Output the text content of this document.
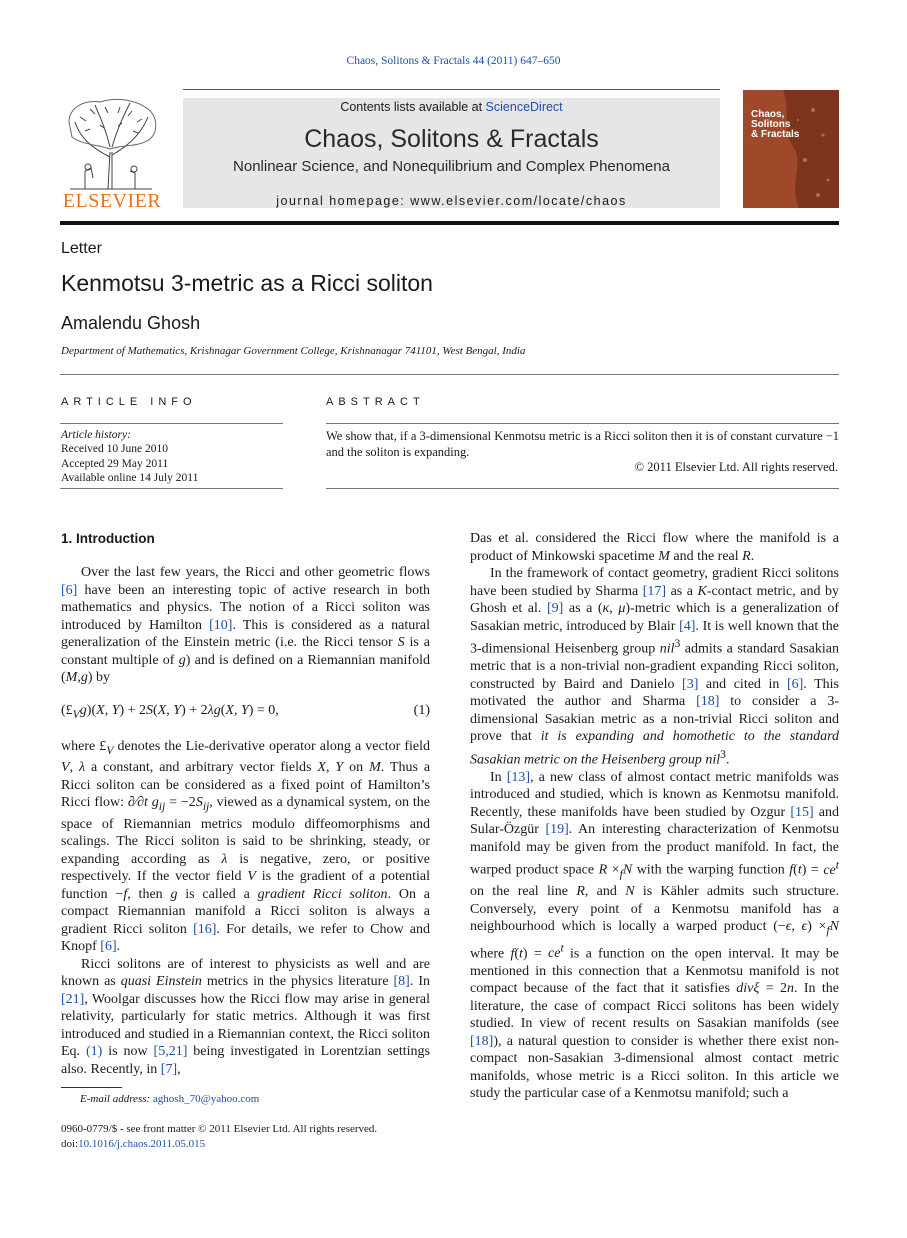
Chaos, Solitons & Fractals 44 (2011) 647–650
ELSEVIER
Contents lists available at ScienceDirect
Chaos, Solitons & Fractals
Nonlinear Science, and Nonequilibrium and Complex Phenomena
journal homepage: www.elsevier.com/locate/chaos
Chaos,
Solitons
& Fractals
Letter
Kenmotsu 3-metric as a Ricci soliton
Amalendu Ghosh
Department of Mathematics, Krishnagar Government College, Krishnanagar 741101, West Bengal, India
ARTICLE INFO	ABSTRACT
Article history:
Received 10 June 2010
Accepted 29 May 2011
Available online 14 July 2011
We show that, if a 3-dimensional Kenmotsu metric is a Ricci soliton then it is of constant curvature −1 and the soliton is expanding.
© 2011 Elsevier Ltd. All rights reserved.
1. Introduction

Over the last few years, the Ricci and other geometric flows [6] have been an interesting topic of active research in both mathematics and physics. The notion of a Ricci soliton was introduced by Hamilton [10]. This is considered as a natural generalization of the Einstein metric (i.e. the Ricci tensor S is a constant multiple of g) and is defined on a Riemannian manifold (M,g) by

$(£_Vg)(X$, Y) + 2S(X, Y) + 2λg(X, Y) = 0,	(1)

where $£_V$ denotes the Lie-derivative operator along a vector field V, λ a constant, and arbitrary vector fields X, Y on M. Thus a Ricci soliton can be considered as a fixed point of Hamilton’s Ricci flow: ∂⁄∂t $g_{ij} = -2S_{ij}$, viewed as a dynamical system, on the space of Riemannian metrics modulo diffeomorphisms and scalings. The Ricci soliton is said to be shrinking, steady, or expanding according as λ is negative, zero, or positive respectively. If the vector field V is the gradient of a potential function −f, then g is called a gradient Ricci soliton. On a compact Riemannian manifold a Ricci soliton is always a gradient Ricci soliton [16]. For details, we refer to Chow and Knopf [6].

Ricci solitons are of interest to physicists as well and are known as quasi Einstein metrics in the physics literature [8]. In [21], Woolgar discusses how the Ricci flow may arise in general relativity, particularly for static metrics. Although it was first introduced and studied in a Riemannian context, the Ricci soliton Eq. (1) is now [5,21] being investigated in Lorentzian settings also. Recently, in [7],

Das et al. considered the Ricci flow where the manifold is a product of Minkowski spacetime M and the real R.

In the framework of contact geometry, gradient Ricci solitons have been studied by Sharma [17] as a K-contact metric, and by Ghosh et al. [9] as a (κ, μ)-metric which is a generalization of Sasakian metric, introduced by Blair [4]. It is well known that the 3-dimensional Heisenberg group nil$^3$ admits a standard Sasakian metric that is a non-trivial non-gradient expanding Ricci soliton, constructed by Baird and Danielo [3] and cited in [6]. This motivated the author and Sharma [18] to consider a 3-dimensional Sasakian metric as a non-trivial Ricci soliton and prove that it is expanding and homothetic to the standard Sasakian metric on the Heisenberg group nil$^3$.

In [13], a new class of almost contact metric manifolds was introduced and studied, which is known as Kenmotsu manifold. Recently, these manifolds have been studied by Ozgur [15] and Sular-Özgür [19]. An interesting characterization of Kenmotsu manifold may be given from the product manifold. In fact, the warped product space $R \times_fN$ with the warping function $f(t) = ce^t$ on the real line R, and N is Kähler admits such structure. Conversely, every point of a Kenmotsu manifold has a neighbourhood which is locally a warped product (−ϵ, $\epsilon) \times_fN$ where $f(t) = ce^t$ is a function on the open interval. It may be mentioned in this connection that a Kenmotsu manifold is not compact because of the fact that it satisfies divξ = 2n. In the literature, the case of compact Ricci solitons has been widely studied. In view of recent results on Sasakian manifolds (see [18]), a natural question to consider is whether there exist non-compact non-Sasakian 3-dimensional almost contact metric manifolds, whose metric is a Ricci soliton. In this article we study the particular case of a Kenmotsu manifold; such a

E-mail address: aghosh_70@yahoo.com
0960-0779/$ - see front matter © 2011 Elsevier Ltd. All rights reserved.
doi:10.1016/j.chaos.2011.05.015
